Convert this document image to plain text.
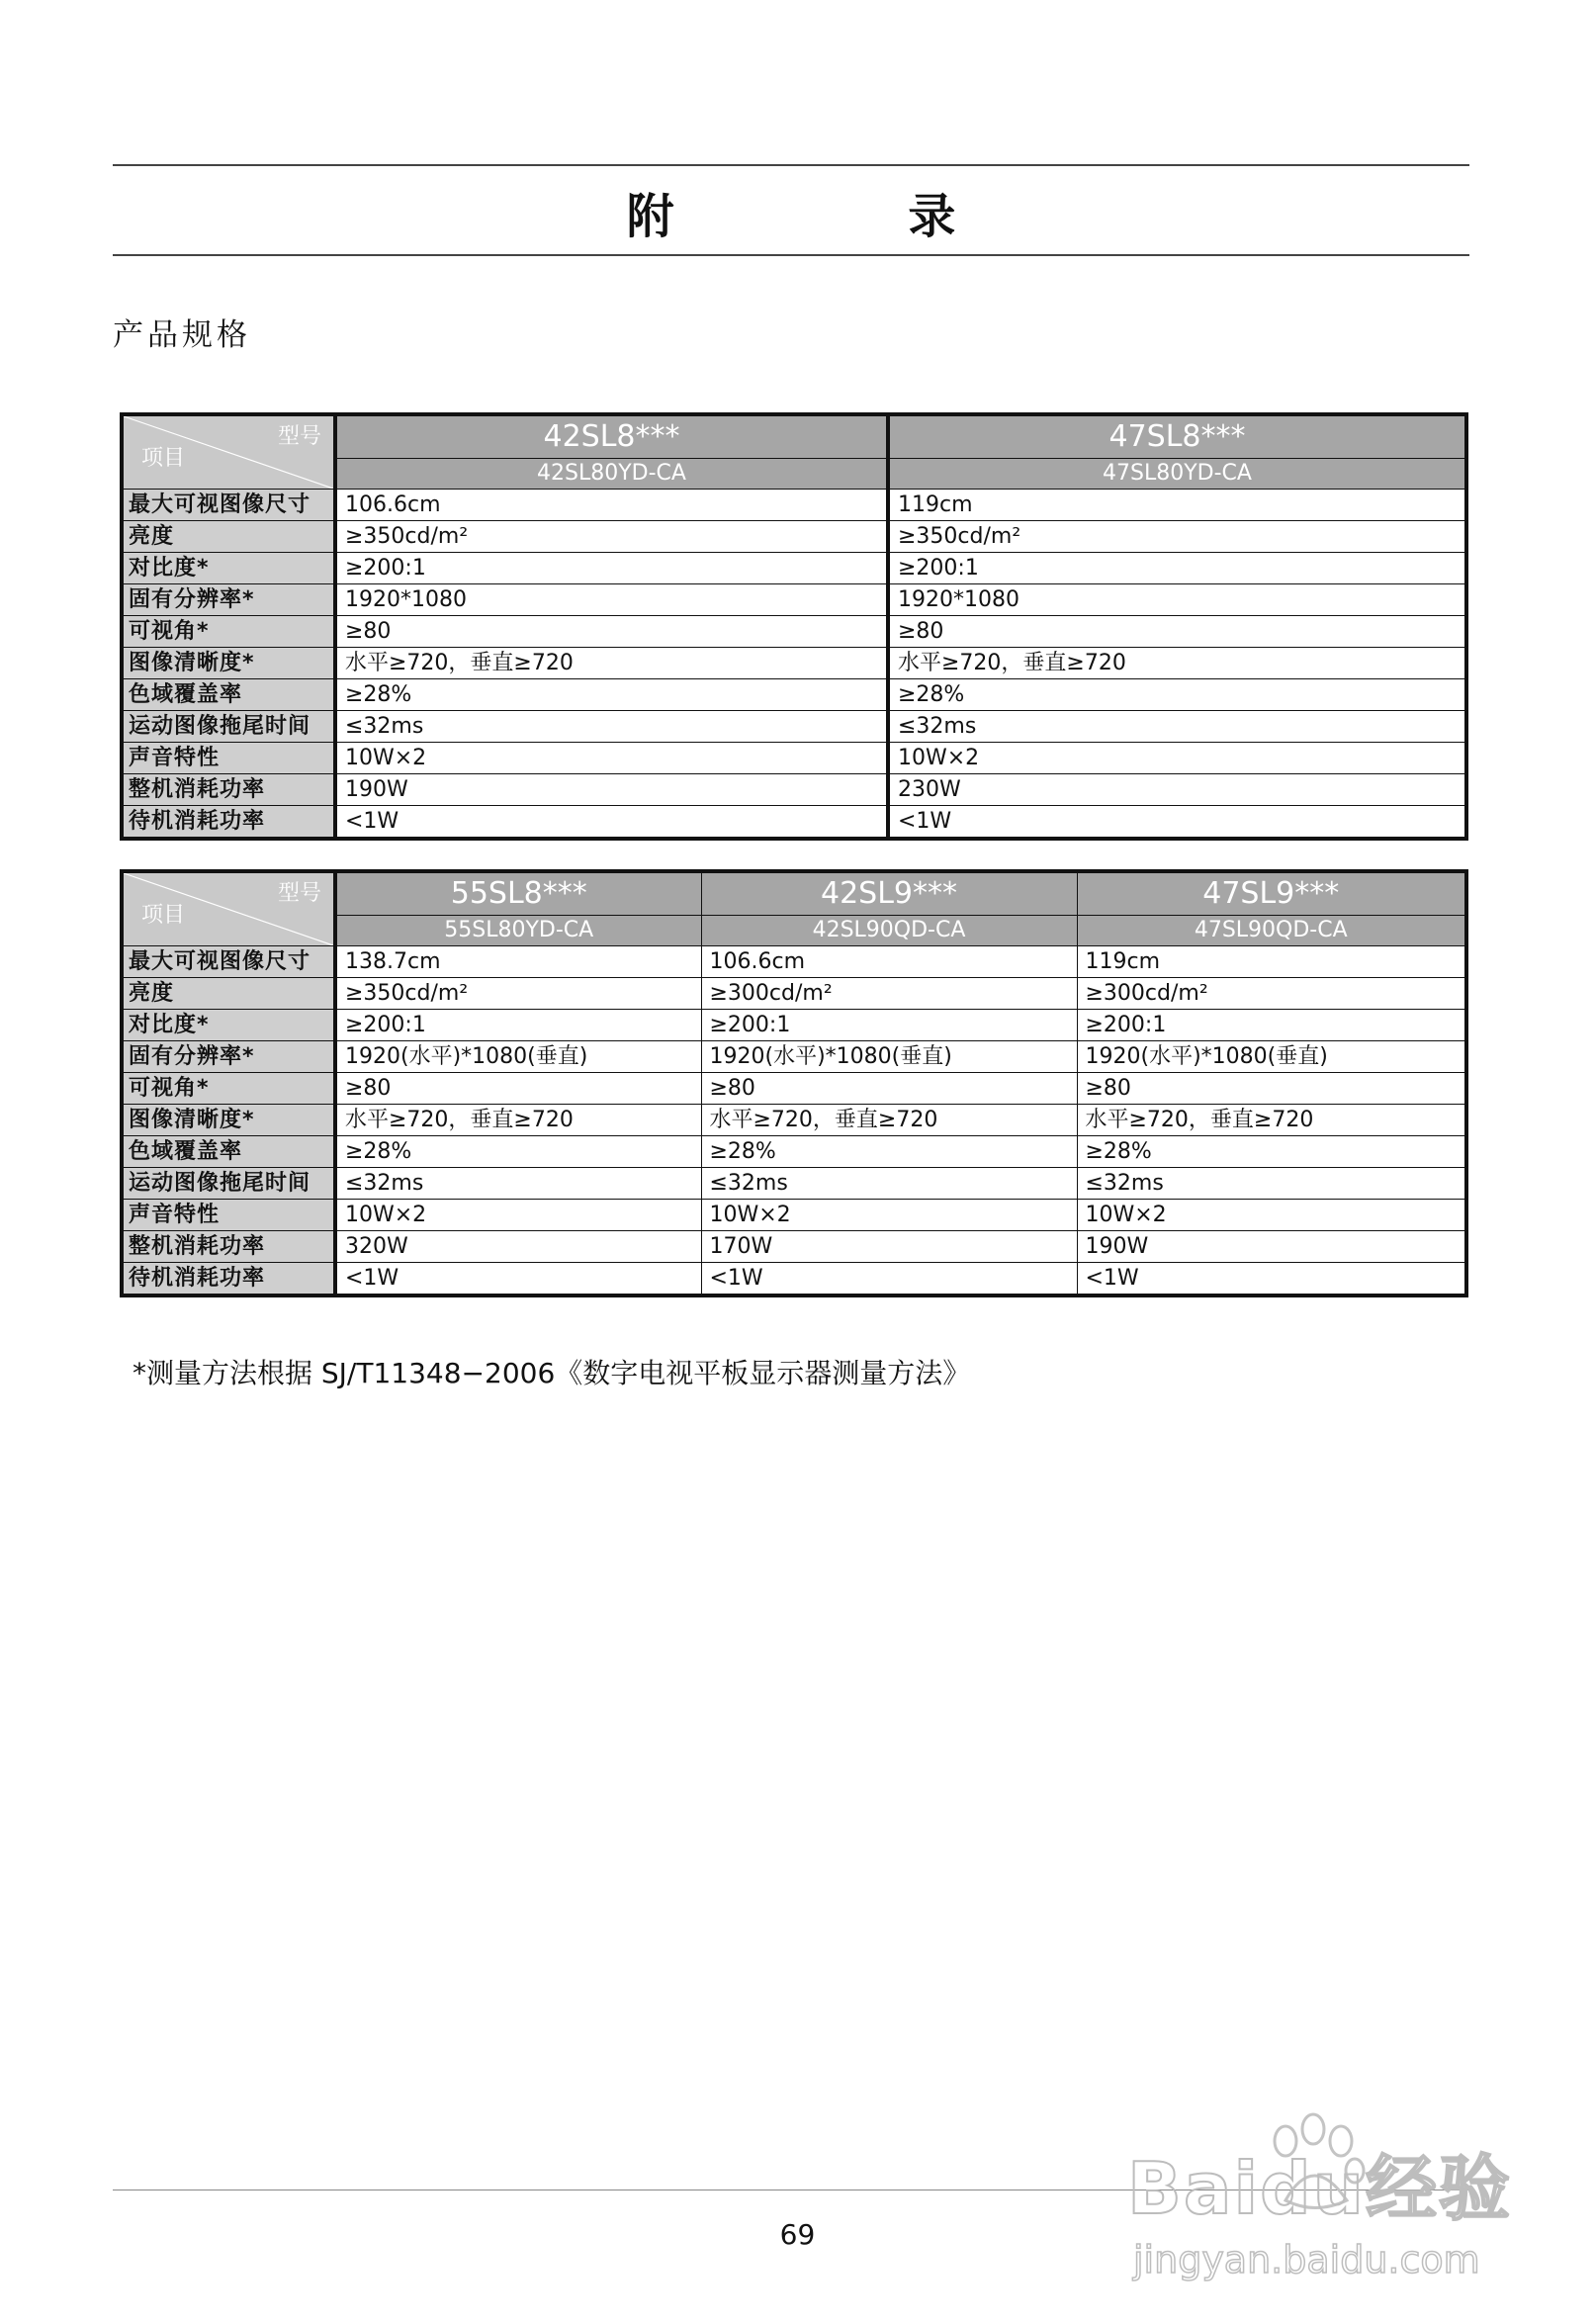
附 录
产品规格
型号
项目	42SL8***	47SL8***
	42SL80YD-CA	47SL80YD-CA
最大可视图像尺寸	106.6cm	119cm
亮度	≥350cd/m²	≥350cd/m²
对比度*	≥200:1	≥200:1
固有分辨率*	1920*1080	1920*1080
可视角*	≥80	≥80
图像清晰度*	水平≥720，垂直≥720	水平≥720，垂直≥720
色域覆盖率	≥28%	≥28%
运动图像拖尾时间	≤32ms	≤32ms
声音特性	10W×2	10W×2
整机消耗功率	190W	230W
待机消耗功率	<1W	<1W
型号
项目	55SL8***	42SL9***	47SL9***
	55SL80YD-CA	42SL90QD-CA	47SL90QD-CA
最大可视图像尺寸	138.7cm	106.6cm	119cm
亮度	≥350cd/m²	≥300cd/m²	≥300cd/m²
对比度*	≥200:1	≥200:1	≥200:1
固有分辨率*	1920(水平)*1080(垂直)	1920(水平)*1080(垂直)	1920(水平)*1080(垂直)
可视角*	≥80	≥80	≥80
图像清晰度*	水平≥720，垂直≥720	水平≥720，垂直≥720	水平≥720，垂直≥720
色域覆盖率	≥28%	≥28%	≥28%
运动图像拖尾时间	≤32ms	≤32ms	≤32ms
声音特性	10W×2	10W×2	10W×2
整机消耗功率	320W	170W	190W
待机消耗功率	<1W	<1W	<1W
*测量方法根据 SJ/T11348−2006《数字电视平板显示器测量方法》
69
Baidu经验
jingyan.baidu.com
